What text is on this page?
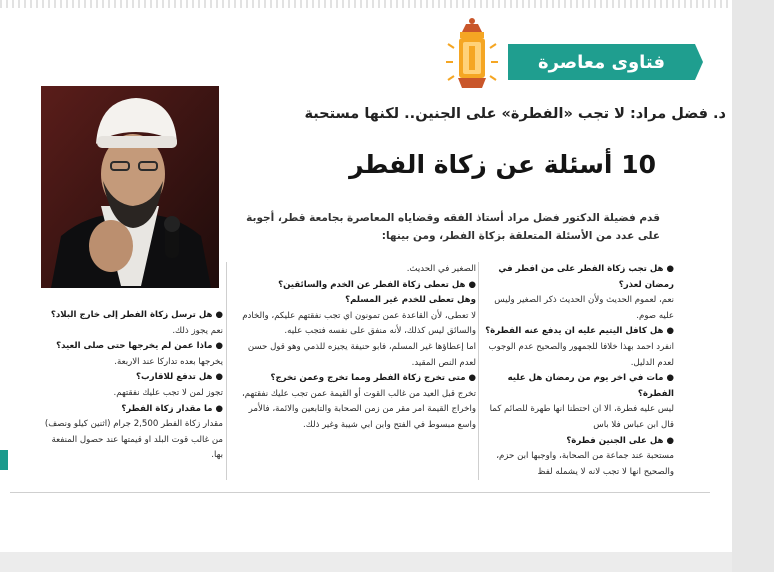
فتاوى معاصرة
د. فضل مراد: لا تجب «الفطرة» على الجنين.. لكنها مستحبة
10 أسئلة عن زكاة الفطر
قدم فضيلة الدكتور فضل مراد أستاذ الفقه وقضاياه المعاصرة بجامعة قطر، أجوبة على عدد من الأسئلة المتعلقة بزكاة الفطر، ومن بينها:

● هل تجب زكاة الفطر على من افطر في رمضان لعذر؟

نعم، لعموم الحديث ولأن الحديث ذكر الصغير وليس عليه صوم.

● هل كافل اليتيم عليه ان يدفع عنه الفطرة؟

انفرد احمد بهذا خلافا للجمهور والصحيح عدم الوجوب لعدم الدليل.

● مات في اخر يوم من رمضان هل عليه الفطرة؟

ليس عليه فطرة، الا ان احتطنا انها طهرة للصائم كما قال ابن عباس فلا باس

● هل على الجنين فطرة؟

مستحبة عند جماعة من الصحابة، واوجبها ابن حزم، والصحيح انها لا تجب لانه لا يشمله لفظ

الصغير في الحديث.

● هل تعطى زكاة الفطر عن الخدم والسائقين؟

وهل تعطى للخدم غير المسلم؟

لا تعطى، لأن القاعدة عمن تمونون اي تجب نفقتهم عليكم، والخادم والسائق ليس كذلك، لأنه منفق على نفسه فتجب عليه.

اما إعطاؤها غير المسلم، فابو حنيفة يجيزه للذمي وهو قول حسن لعدم النص المقيد.

● متى تخرج زكاة الفطر ومما تخرج وعمن تخرج؟

تخرج قبل العيد من غالب القوت أو القيمة عمن تجب عليك نفقتهم، واخراج القيمة امر مقر من زمن الصحابة والتابعين والائمة، فالأمر واسع مبسوط في الفتح وابن ابي شيبة وغير ذلك.

● هل ترسل زكاة الفطر إلى خارج البلاد؟

نعم يجوز ذلك.

● ماذا عمن لم يخرجها حتى صلى العيد؟

يخرجها بعده تداركا عند الاربعة.

● هل تدفع للاقارب؟

تجوز لمن لا تجب عليك نفقتهم.

● ما مقدار زكاة الفطر؟

مقدار زكاة الفطر 2,500 جرام (اثنين كيلو ونصف) من غالب قوت البلد او قيمتها عند حصول المنفعة بها.
